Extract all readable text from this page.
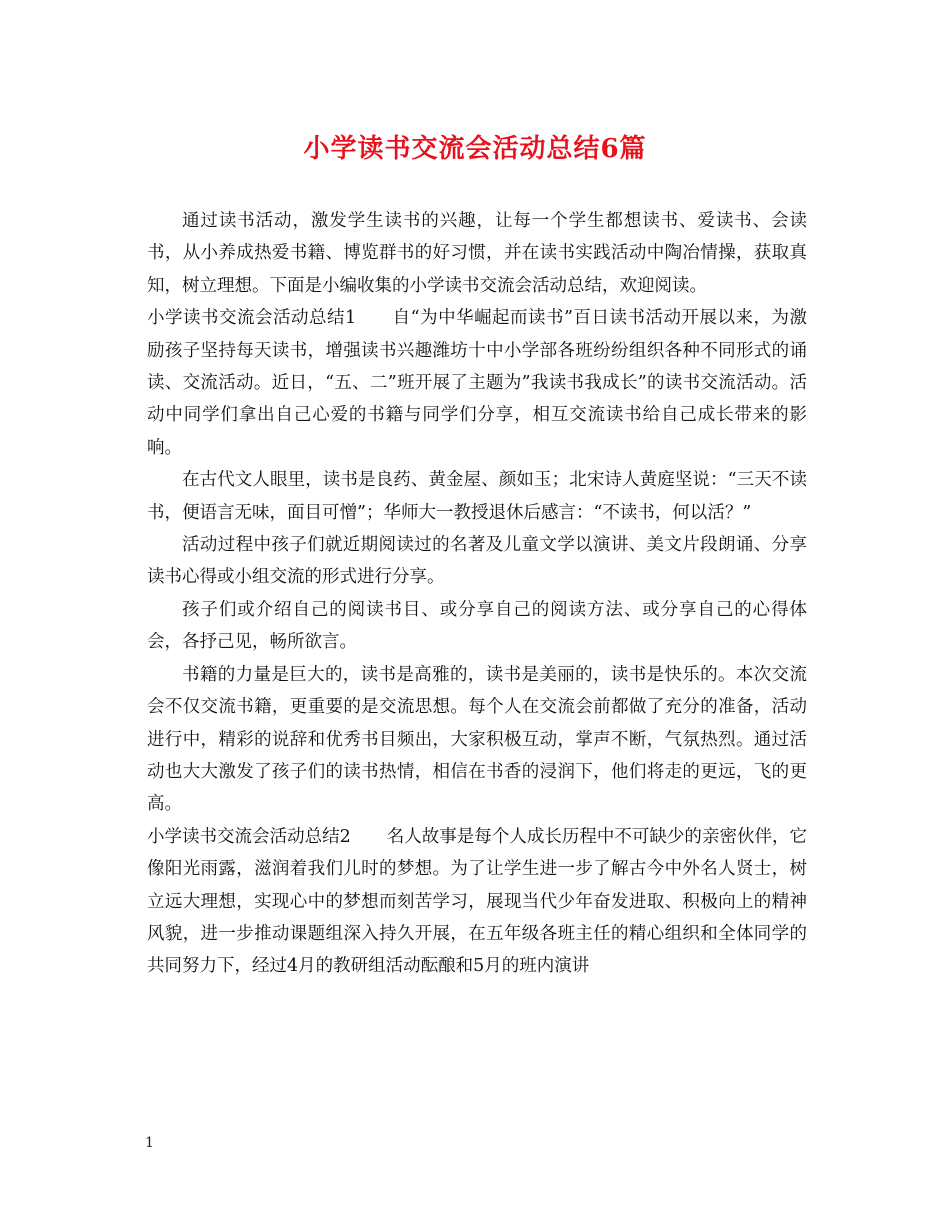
小学读书交流会活动总结6篇

通过读书活动，激发学生读书的兴趣，让每一个学生都想读书、爱读书、会读书，从小养成热爱书籍、博览群书的好习惯，并在读书实践活动中陶冶情操，获取真知，树立理想。下面是小编收集的小学读书交流会活动总结，欢迎阅读。

小学读书交流会活动总结1 自“为中华崛起而读书”百日读书活动开展以来，为激励孩子坚持每天读书，增强读书兴趣潍坊十中小学部各班纷纷组织各种不同形式的诵读、交流活动。近日，“五、二”班开展了主题为”我读书我成长”的读书交流活动。活动中同学们拿出自己心爱的书籍与同学们分享，相互交流读书给自己成长带来的影响。

在古代文人眼里，读书是良药、黄金屋、颜如玉；北宋诗人黄庭坚说：“三天不读书，便语言无味，面目可憎”；华师大一教授退休后感言：“不读书，何以活？”

活动过程中孩子们就近期阅读过的名著及儿童文学以演讲、美文片段朗诵、分享读书心得或小组交流的形式进行分享。

孩子们或介绍自己的阅读书目、或分享自己的阅读方法、或分享自己的心得体会，各抒己见，畅所欲言。

书籍的力量是巨大的，读书是高雅的，读书是美丽的，读书是快乐的。本次交流会不仅交流书籍，更重要的是交流思想。每个人在交流会前都做了充分的准备，活动进行中，精彩的说辞和优秀书目频出，大家积极互动，掌声不断，气氛热烈。通过活动也大大激发了孩子们的读书热情，相信在书香的浸润下，他们将走的更远，飞的更高。

小学读书交流会活动总结2 名人故事是每个人成长历程中不可缺少的亲密伙伴，它像阳光雨露，滋润着我们儿时的梦想。为了让学生进一步了解古今中外名人贤士，树立远大理想，实现心中的梦想而刻苦学习，展现当代少年奋发进取、积极向上的精神风貌，进一步推动课题组深入持久开展，在五年级各班主任的精心组织和全体同学的共同努力下，经过4月的教研组活动酝酿和5月的班内演讲

1
